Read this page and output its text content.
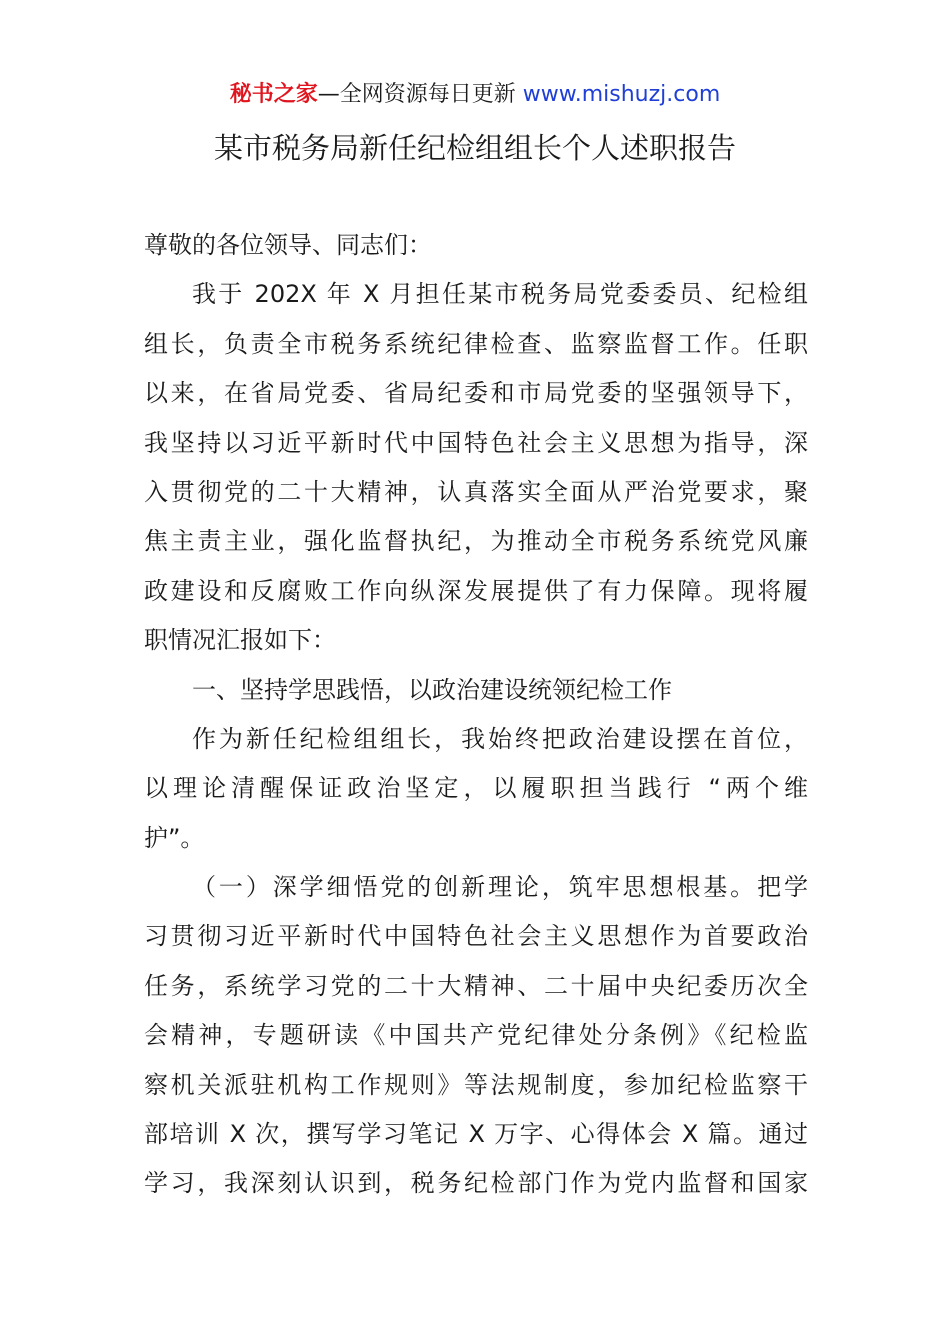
秘书之家—全网资源每日更新 www.mishuzj.com
某市税务局新任纪检组组长个人述职报告
尊敬的各位领导、同志们：
我于 202X 年 X 月担任某市税务局党委委员、纪检组
组长，负责全市税务系统纪律检查、监察监督工作。任职
以来，在省局党委、省局纪委和市局党委的坚强领导下，
我坚持以习近平新时代中国特色社会主义思想为指导，深
入贯彻党的二十大精神，认真落实全面从严治党要求，聚
焦主责主业，强化监督执纪，为推动全市税务系统党风廉
政建设和反腐败工作向纵深发展提供了有力保障。现将履
职情况汇报如下：
一、坚持学思践悟，以政治建设统领纪检工作
作为新任纪检组组长，我始终把政治建设摆在首位，
以理论清醒保证政治坚定，以履职担当践行 “两个维
护”。
（一）深学细悟党的创新理论，筑牢思想根基。把学
习贯彻习近平新时代中国特色社会主义思想作为首要政治
任务，系统学习党的二十大精神、二十届中央纪委历次全
会精神，专题研读《中国共产党纪律处分条例》《纪检监
察机关派驻机构工作规则》等法规制度，参加纪检监察干
部培训 X 次，撰写学习笔记 X 万字、心得体会 X 篇。通过
学习，我深刻认识到，税务纪检部门作为党内监督和国家
